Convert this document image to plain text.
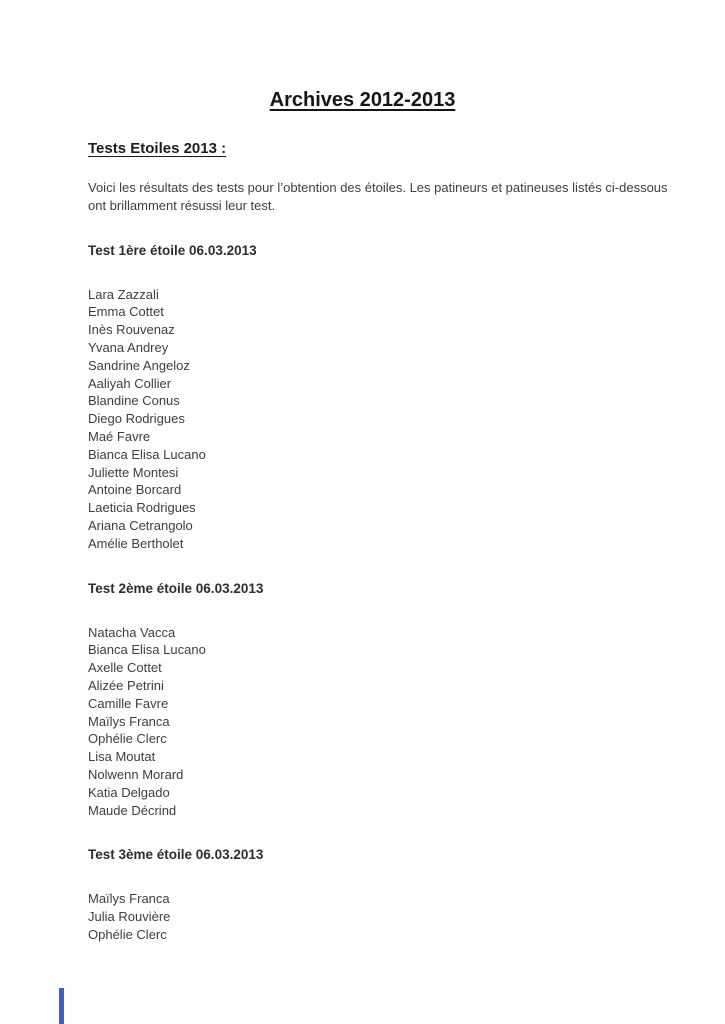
Archives 2012-2013
Tests Etoiles 2013 :

Voici les résultats des tests pour l’obtention des étoiles. Les patineurs et patineuses listés ci-dessous ont brillamment résussi leur test.

Test 1ère étoile 06.03.2013

Lara Zazzali

Emma Cottet

Inès Rouvenaz

Yvana Andrey

Sandrine Angeloz

Aaliyah Collier

Blandine Conus

Diego Rodrigues

Maé Favre

Bianca Elisa Lucano

Juliette Montesi

Antoine Borcard

Laeticia Rodrigues

Ariana Cetrangolo

Amélie Bertholet

Test 2ème étoile 06.03.2013

Natacha Vacca

Bianca Elisa Lucano

Axelle Cottet

Alizée Petrini

Camille Favre

Maïlys Franca

Ophélie Clerc

Lisa Moutat

Nolwenn Morard

Katia Delgado

Maude Décrind

Test 3ème étoile 06.03.2013

Maïlys Franca

Julia Rouvière

Ophélie Clerc
